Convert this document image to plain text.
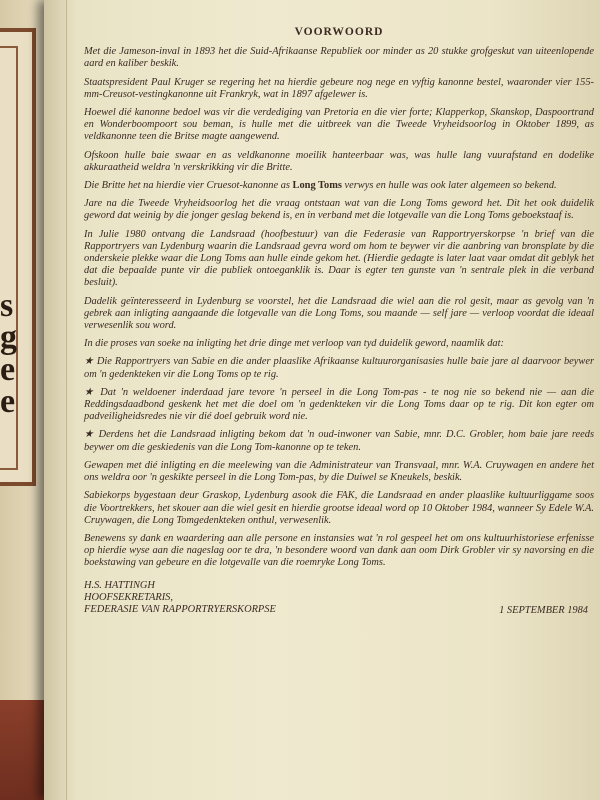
s
g
e
e
VOORWOORD

Met die Jameson-inval in 1893 het die Suid-Afrikaanse Republiek oor minder as 20 stukke grofgeskut van uiteenlopende aard en kaliber beskik.

Staatspresident Paul Kruger se regering het na hierdie gebeure nog nege en vyftig kanonne bestel, waaronder vier 155-mm-Creusot-vestingkanonne uit Frankryk, wat in 1897 afgelewer is.

Hoewel dié kanonne bedoel was vir die verdediging van Pretoria en die vier forte; Klapperkop, Skanskop, Daspoortrand en Wonderboompoort sou beman, is hulle met die uitbreek van die Tweede Vryheidsoorlog in Oktober 1899, as veldkanonne teen die Britse magte aangewend.

Ofskoon hulle baie swaar en as veldkanonne moeilik hanteerbaar was, was hulle lang vuurafstand en dodelike akkuraatheid weldra 'n verskrikking vir die Britte.

Die Britte het na hierdie vier Cruesot-kanonne as Long Toms verwys en hulle was ook later algemeen so bekend.

Jare na die Tweede Vryheidsoorlog het die vraag ontstaan wat van die Long Toms geword het. Dit het ook duidelik geword dat weinig by die jonger geslag bekend is, en in verband met die lotgevalle van die Long Toms geboekstaaf is.

In Julie 1980 ontvang die Landsraad (hoofbestuur) van die Federasie van Rapportryerskorpse 'n brief van die Rapportryers van Lydenburg waarin die Landsraad gevra word om hom te beywer vir die aanbring van bronsplate by die onderskeie plekke waar die Long Toms aan hulle einde gekom het. (Hierdie gedagte is later laat vaar omdat dit geblyk het dat die bepaalde punte vir die publiek ontoeganklik is. Daar is egter ten gunste van 'n sentrale plek in die verband besluit).

Dadelik geïnteresseerd in Lydenburg se voorstel, het die Landsraad die wiel aan die rol gesit, maar as gevolg van 'n gebrek aan inligting aangaande die lotgevalle van die Long Toms, sou maande — self jare — verloop voordat die ideaal verwesenlik sou word.

In die proses van soeke na inligting het drie dinge met verloop van tyd duidelik geword, naamlik dat:

★ Die Rapportryers van Sabie en die ander plaaslike Afrikaanse kultuurorganisasies hulle baie jare al daarvoor beywer om 'n gedenkteken vir die Long Toms op te rig.

★ Dat 'n weldoener inderdaad jare tevore 'n perseel in die Long Tom-pas - te nog nie so bekend nie — aan die Reddingsdaadbond geskenk het met die doel om 'n gedenkteken vir die Long Toms daar op te rig. Dit kon egter om padveiligheidsredes nie vir dié doel gebruik word nie.

★ Derdens het die Landsraad inligting bekom dat 'n oud-inwoner van Sabie, mnr. D.C. Grobler, hom baie jare reeds beywer om die geskiedenis van die Long Tom-kanonne op te teken.

Gewapen met dié inligting en die meelewing van die Administrateur van Transvaal, mnr. W.A. Cruywagen en andere het ons weldra oor 'n geskikte perseel in die Long Tom-pas, by die Duiwel se Kneukels, beskik.

Sabiekorps bygestaan deur Graskop, Lydenburg asook die FAK, die Landsraad en ander plaaslike kultuurliggame soos die Voortrekkers, het skouer aan die wiel gesit en hierdie grootse ideaal word op 10 Oktober 1984, wanneer Sy Edele W.A. Cruywagen, die Long Tomgedenkteken onthul, verwesenlik.

Benewens sy dank en waardering aan alle persone en instansies wat 'n rol gespeel het om ons kultuurhistoriese erfenisse op hierdie wyse aan die nageslag oor te dra, 'n besondere woord van dank aan oom Dirk Grobler vir sy navorsing en die boekstawing van gebeure en die lotgevalle van die roemryke Long Toms.

H.S. HATTINGH
HOOFSEKRETARIS,
FEDERASIE VAN RAPPORTRYERSKORPSE	1 SEPTEMBER 1984
